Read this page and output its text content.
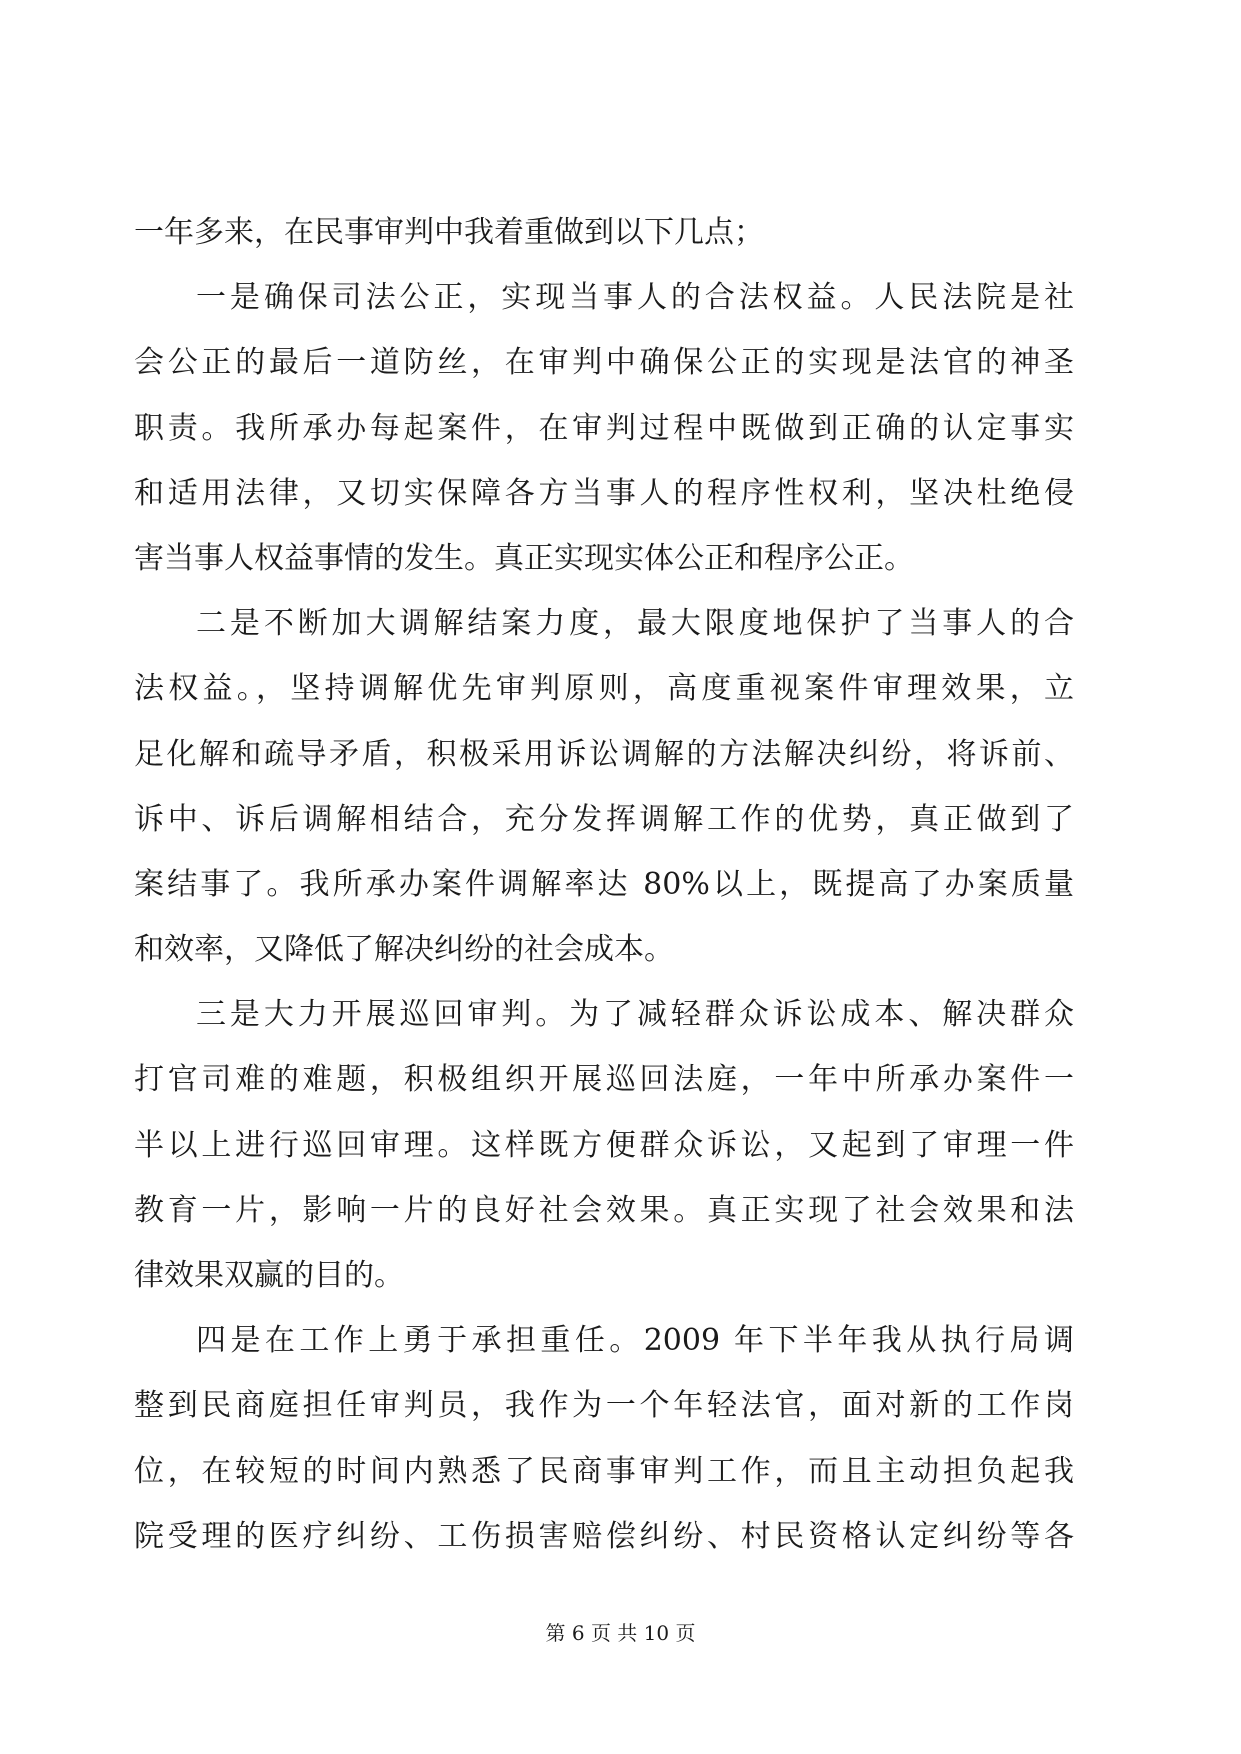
一年多来，在民事审判中我着重做到以下几点；
一是确保司法公正，实现当事人的合法权益。人民法院是社
会公正的最后一道防丝，在审判中确保公正的实现是法官的神圣
职责。我所承办每起案件，在审判过程中既做到正确的认定事实
和适用法律，又切实保障各方当事人的程序性权利，坚决杜绝侵
害当事人权益事情的发生。真正实现实体公正和程序公正。
二是不断加大调解结案力度，最大限度地保护了当事人的合
法权益。，坚持调解优先审判原则，高度重视案件审理效果，立
足化解和疏导矛盾，积极采用诉讼调解的方法解决纠纷，将诉前、
诉中、诉后调解相结合，充分发挥调解工作的优势，真正做到了
案结事了。我所承办案件调解率达 80%以上，既提高了办案质量
和效率，又降低了解决纠纷的社会成本。
三是大力开展巡回审判。为了减轻群众诉讼成本、解决群众
打官司难的难题，积极组织开展巡回法庭，一年中所承办案件一
半以上进行巡回审理。这样既方便群众诉讼，又起到了审理一件
教育一片，影响一片的良好社会效果。真正实现了社会效果和法
律效果双赢的目的。
四是在工作上勇于承担重任。2009 年下半年我从执行局调
整到民商庭担任审判员，我作为一个年轻法官，面对新的工作岗
位，在较短的时间内熟悉了民商事审判工作，而且主动担负起我
院受理的医疗纠纷、工伤损害赔偿纠纷、村民资格认定纠纷等各
第 6 页 共 10 页
